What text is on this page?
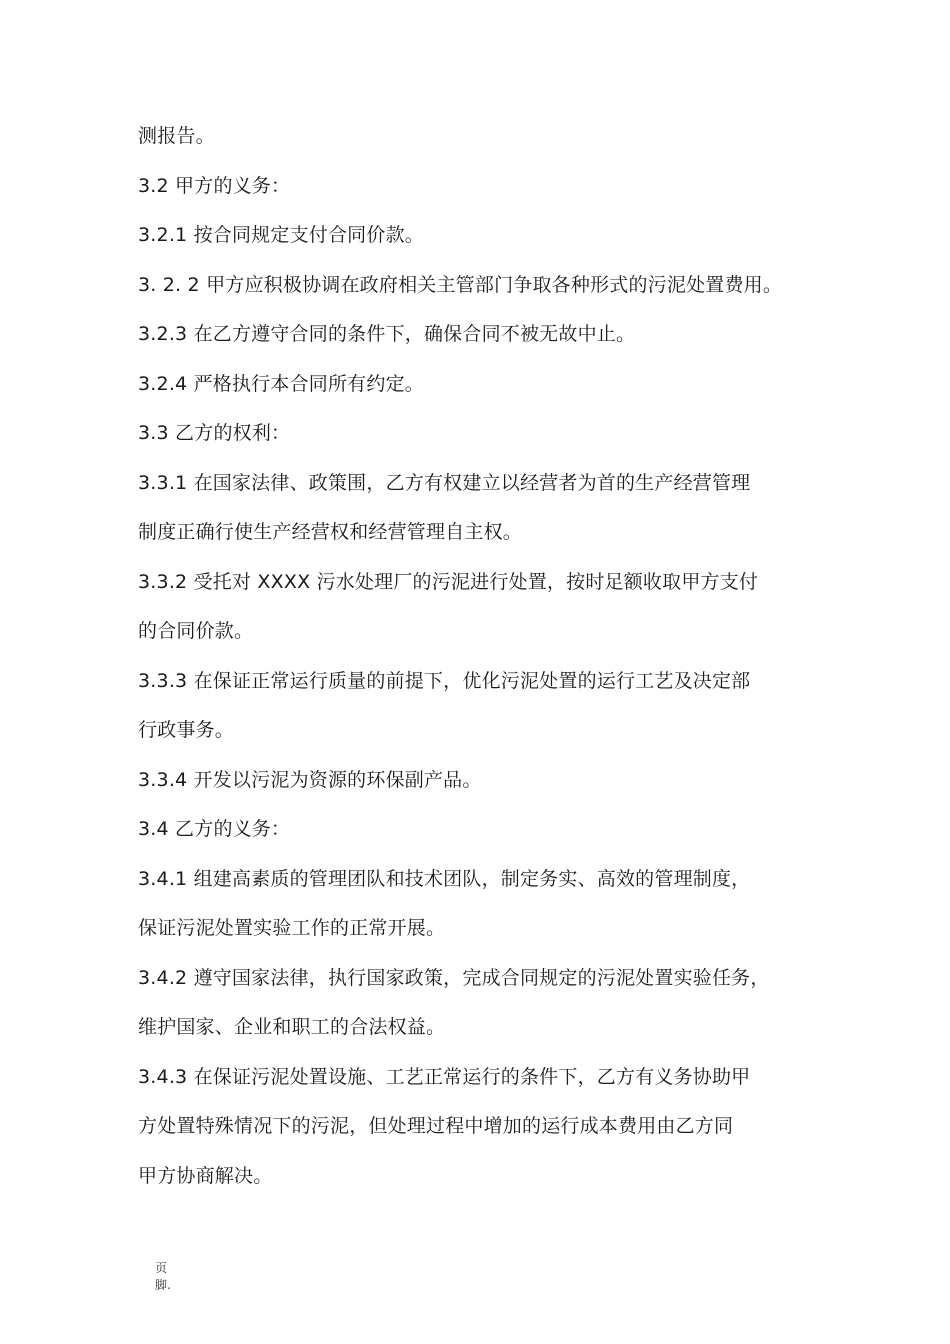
测报告。
3.2 甲方的义务：
3.2.1 按合同规定支付合同价款。
3. 2. 2 甲方应积极协调在政府相关主管部门争取各种形式的污泥处置费用。
3.2.3 在乙方遵守合同的条件下，确保合同不被无故中止。
3.2.4 严格执行本合同所有约定。
3.3 乙方的权利：
3.3.1 在国家法律、政策围，乙方有权建立以经营者为首的生产经营管理
制度正确行使生产经营权和经营管理自主权。
3.3.2 受托对 XXXX 污水处理厂的污泥进行处置，按时足额收取甲方支付
的合同价款。
3.3.3 在保证正常运行质量的前提下，优化污泥处置的运行工艺及决定部
行政事务。
3.3.4 开发以污泥为资源的环保副产品。
3.4 乙方的义务：
3.4.1 组建高素质的管理团队和技术团队，制定务实、高效的管理制度，
保证污泥处置实验工作的正常开展。
3.4.2 遵守国家法律，执行国家政策，完成合同规定的污泥处置实验任务，
维护国家、企业和职工的合法权益。
3.4.3 在保证污泥处置设施、工艺正常运行的条件下，乙方有义务协助甲
方处置特殊情况下的污泥，但处理过程中增加的运行成本费用由乙方同
甲方协商解决。
页
脚.
